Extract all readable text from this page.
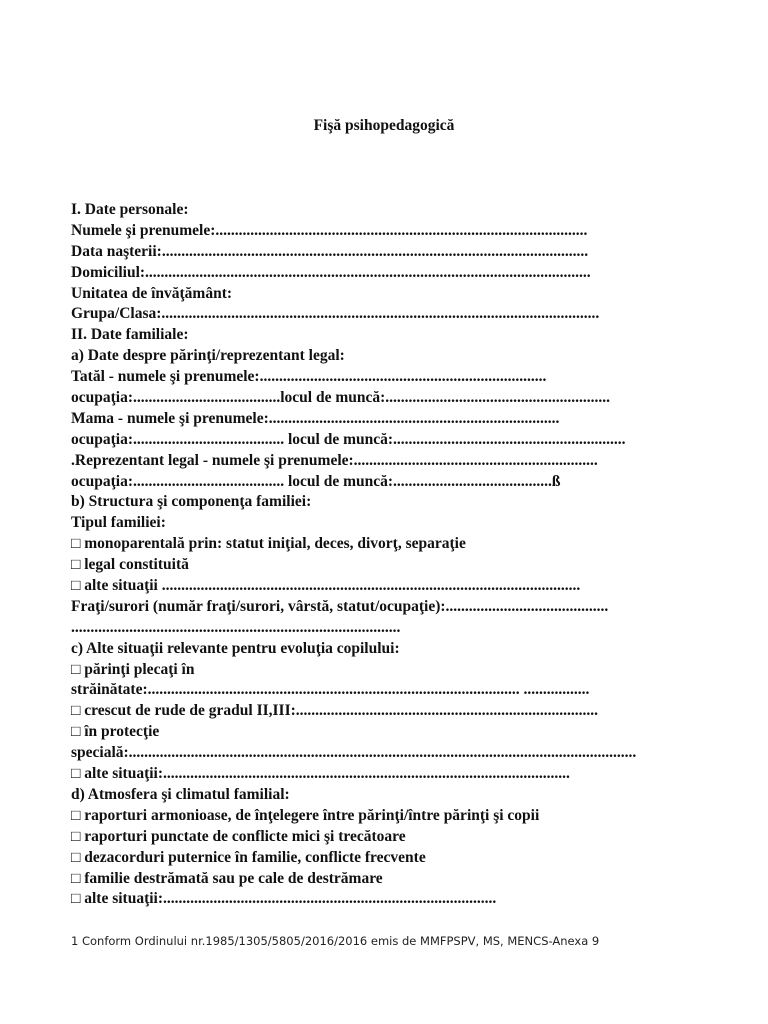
Fişă psihopedagogică
I. Date personale:
Numele şi prenumele:................................................................................................
Data naşterii:..............................................................................................................
Domiciliul:...................................................................................................................
Unitatea de învăţământ:
Grupa/Clasa:.................................................................................................................
II. Date familiale:
a) Date despre părinţi/reprezentant legal:
Tatăl - numele şi prenumele:..........................................................................
ocupaţia:......................................locul de muncă:..........................................................
Mama - numele şi prenumele:...........................................................................
ocupaţia:....................................... locul de muncă:............................................................
.Reprezentant legal - numele şi prenumele:...............................................................
ocupaţia:....................................... locul de muncă:.........................................ß
b) Structura şi componenţa familiei:
Tipul familiei:
□ monoparentală prin: statut iniţial, deces, divorţ, separaţie
□ legal constituită
□ alte situaţii ............................................................................................................
Fraţi/surori (număr fraţi/surori, vârstă, statut/ocupaţie):..........................................
.....................................................................................
c) Alte situaţii relevante pentru evoluţia copilului:
□ părinţi plecaţi în
străinătate:................................................................................................ .................
□ crescut de rude de gradul II,III:..............................................................................
□ în protecţie
specială:...................................................................................................................................
□ alte situaţii:.........................................................................................................
d) Atmosfera şi climatul familial:
□ raporturi armonioase, de înţelegere între părinţi/între părinţi şi copii
□ raporturi punctate de conflicte mici şi trecătoare
□ dezacorduri puternice în familie, conflicte frecvente
□ familie destrămată sau pe cale de destrămare
□ alte situaţii:......................................................................................
1 Conform Ordinului nr.1985/1305/5805/2016/2016 emis de MMFPSPV, MS, MENCS-Anexa 9
